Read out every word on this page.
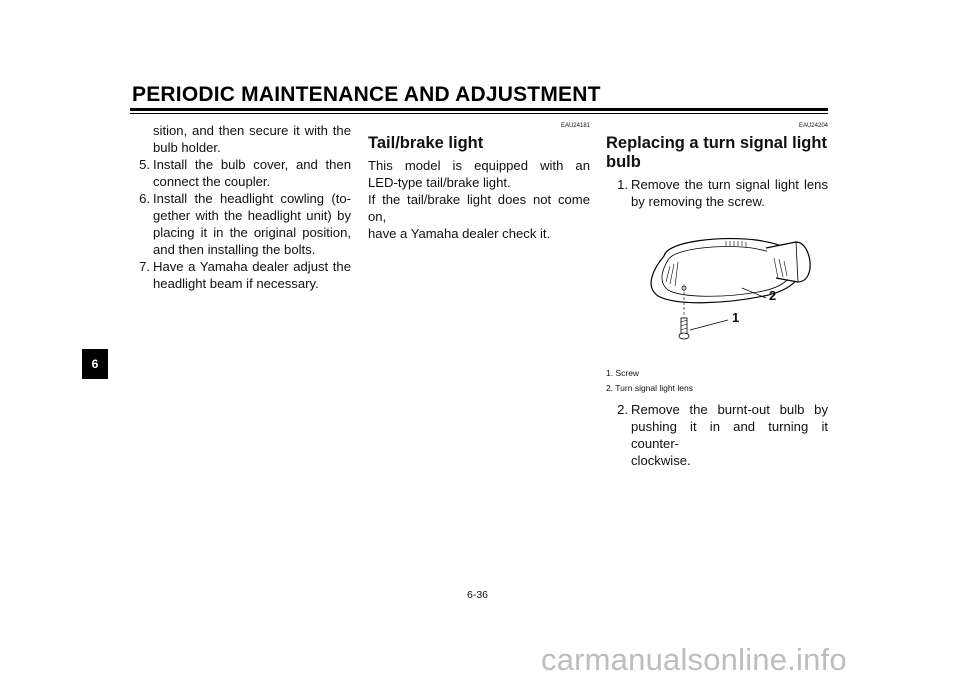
PERIODIC MAINTENANCE AND ADJUSTMENT
6
sition, and then secure it with the
bulb holder.
5. Install the bulb cover, and then
connect the coupler.
6. Install the headlight cowling (to-
gether with the headlight unit) by
placing it in the original position,
and then installing the bolts.
7. Have a Yamaha dealer adjust the
headlight beam if necessary.
EAU24181
Tail/brake light
This model is equipped with an
LED-type tail/brake light.
If the tail/brake light does not come on,
have a Yamaha dealer check it.
EAU24204
Replacing a turn signal light
bulb
1. Remove the turn signal light lens
by removing the screw.
1
2
1. Screw
2. Turn signal light lens
2. Remove the burnt-out bulb by
pushing it in and turning it counter-
clockwise.
6-36
carmanualsonline.info
